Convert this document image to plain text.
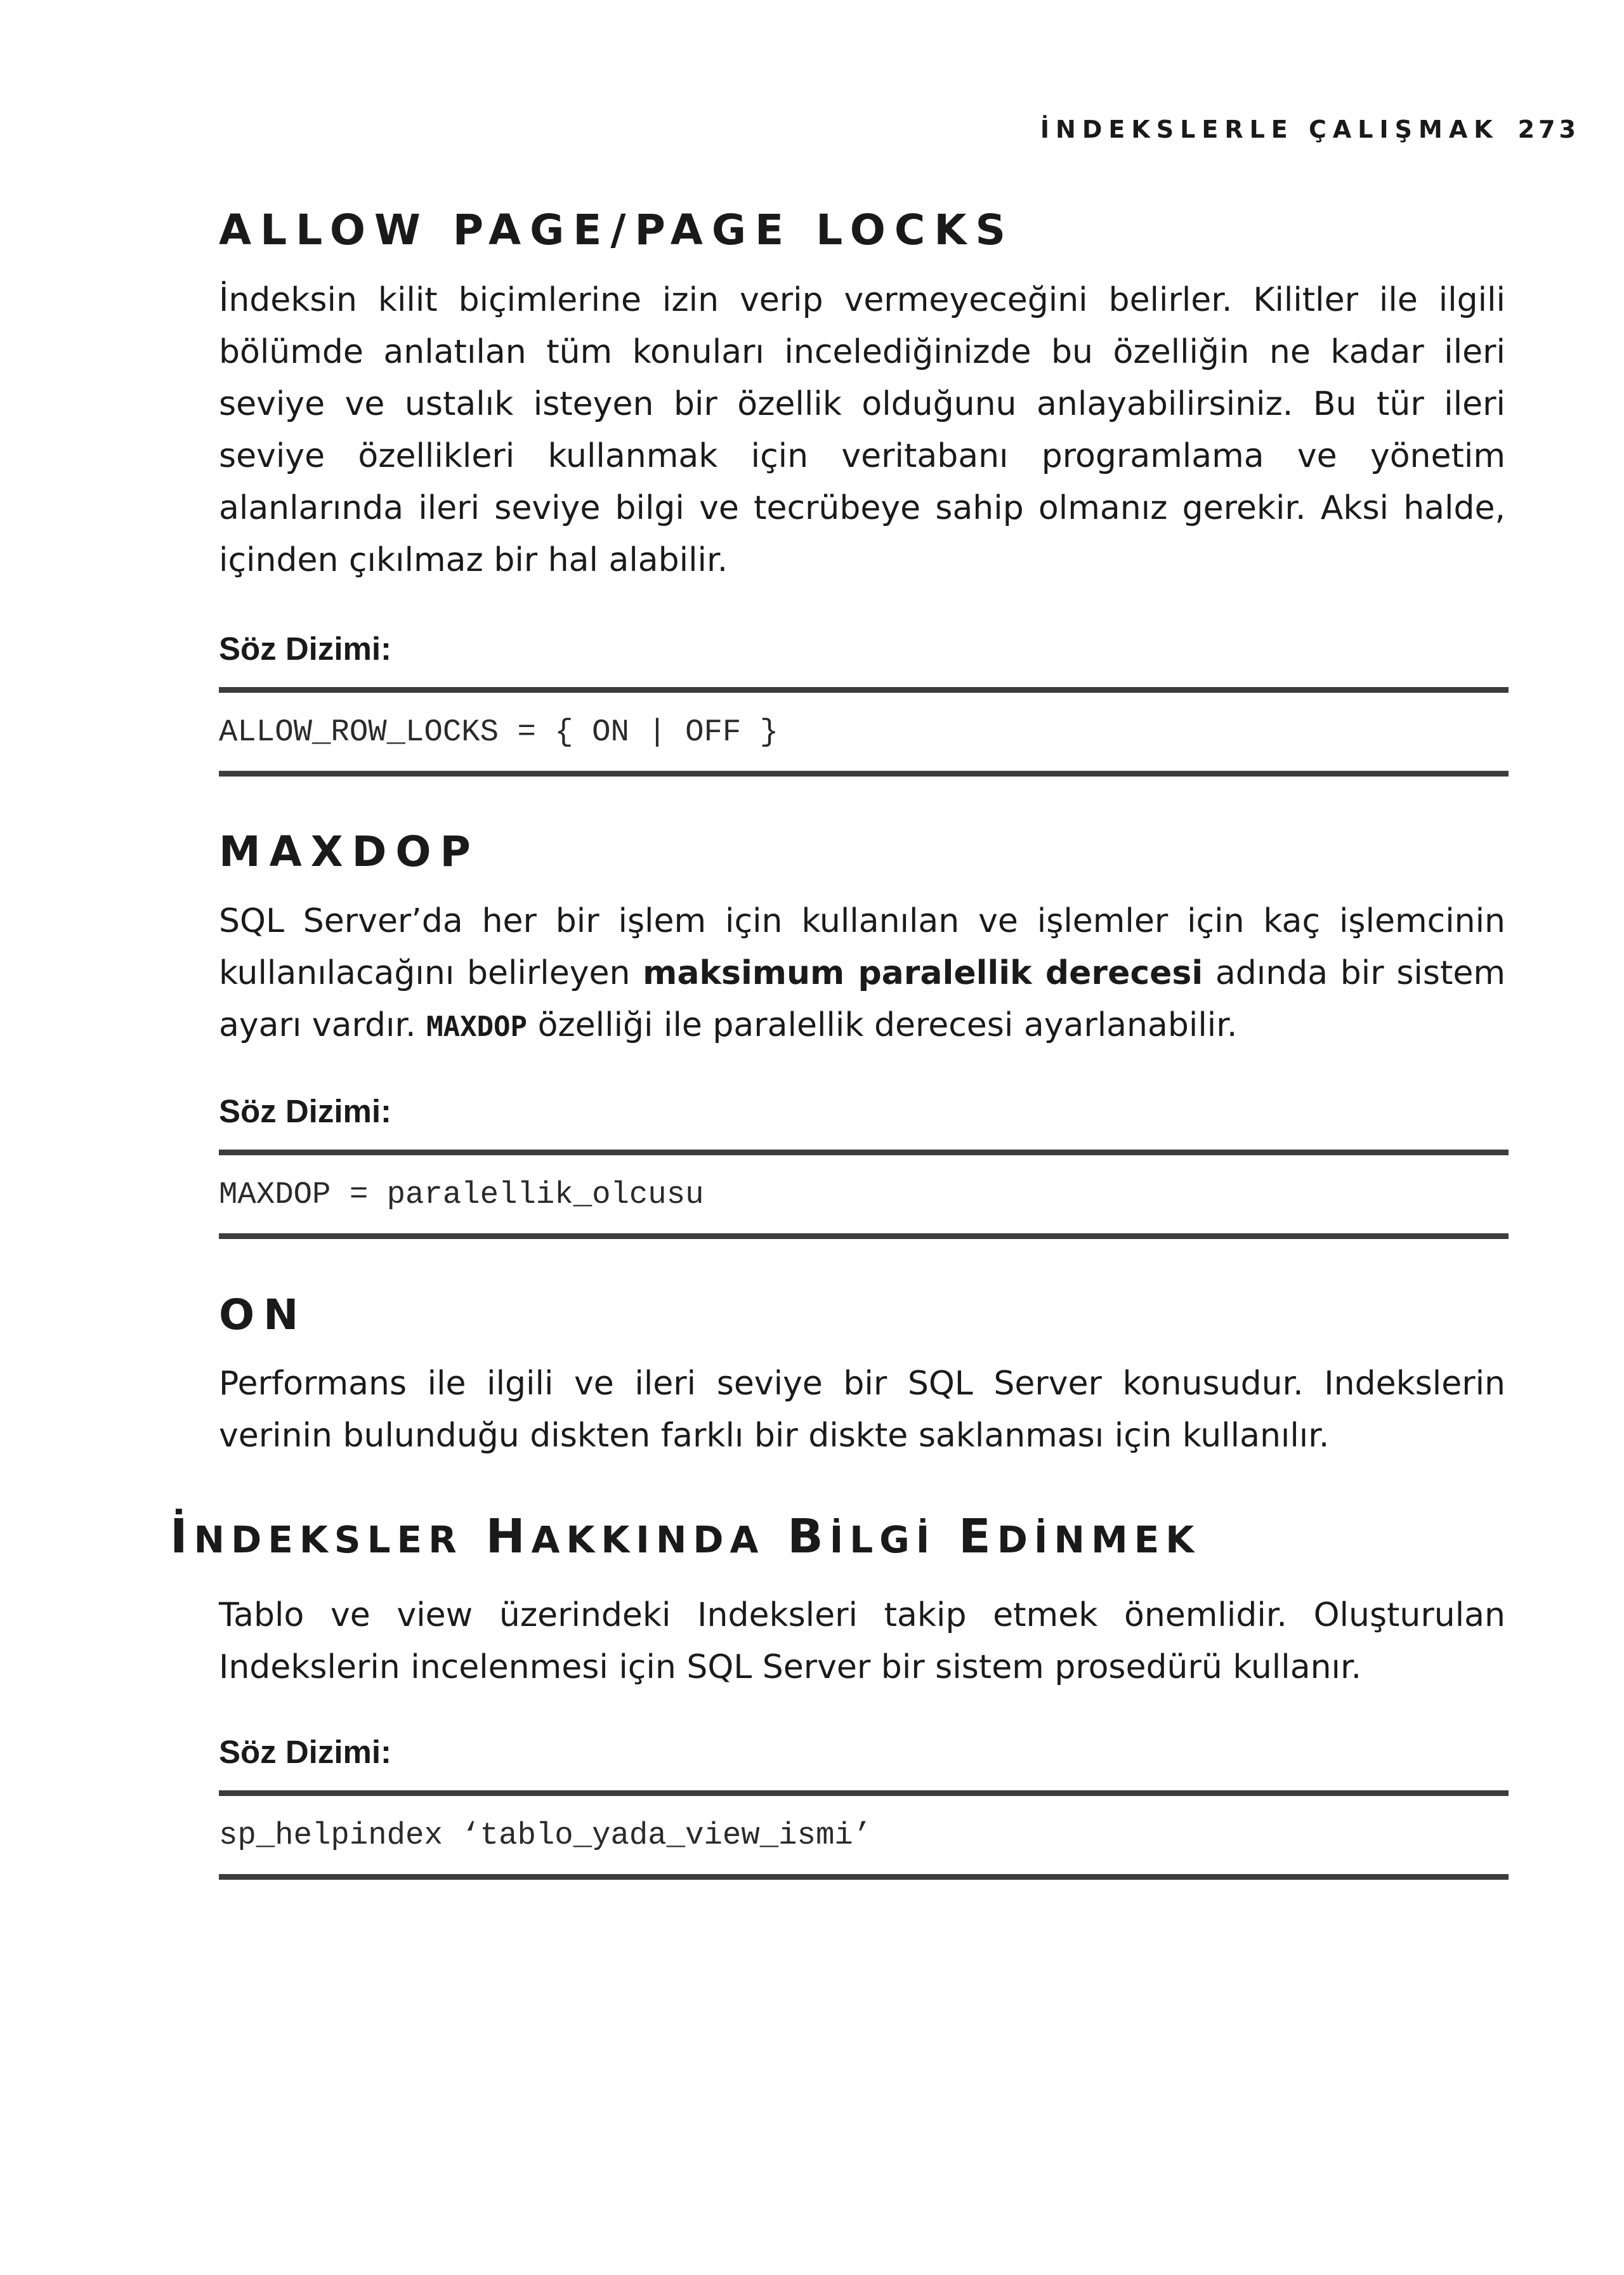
İNDEKSLERLE ÇALIŞMAK 273
ALLOW PAGE/PAGE LOCKS
İndeksin kilit biçimlerine izin verip vermeyeceğini belirler. Kilitler ile ilgili bölümde anlatılan tüm konuları incelediğinizde bu özelliğin ne kadar ileri seviye ve ustalık isteyen bir özellik olduğunu anlayabilirsiniz. Bu tür ileri seviye özellikleri kullanmak için veritabanı programlama ve yönetim alanlarında ileri seviye bilgi ve tecrübeye sahip olmanız gerekir. Aksi halde, içinden çıkılmaz bir hal alabilir.
Söz Dizimi:
ALLOW_ROW_LOCKS = { ON | OFF }
MAXDOP
SQL Server’da her bir işlem için kullanılan ve işlemler için kaç işlemcinin kullanılacağını belirleyen maksimum paralellik derecesi adında bir sistem ayarı vardır. MAXDOP özelliği ile paralellik derecesi ayarlanabilir.
Söz Dizimi:
MAXDOP = paralellik_olcusu
ON
Performans ile ilgili ve ileri seviye bir SQL Server konusudur. Indekslerin verinin bulunduğu diskten farklı bir diskte saklanması için kullanılır.
İNDEKSLER HAKKINDA BİLGİ EDİNMEK
Tablo ve view üzerindeki Indeksleri takip etmek önemlidir. Oluşturulan Indekslerin incelenmesi için SQL Server bir sistem prosedürü kullanır.
Söz Dizimi:
sp_helpindex ‘tablo_yada_view_ismi’
